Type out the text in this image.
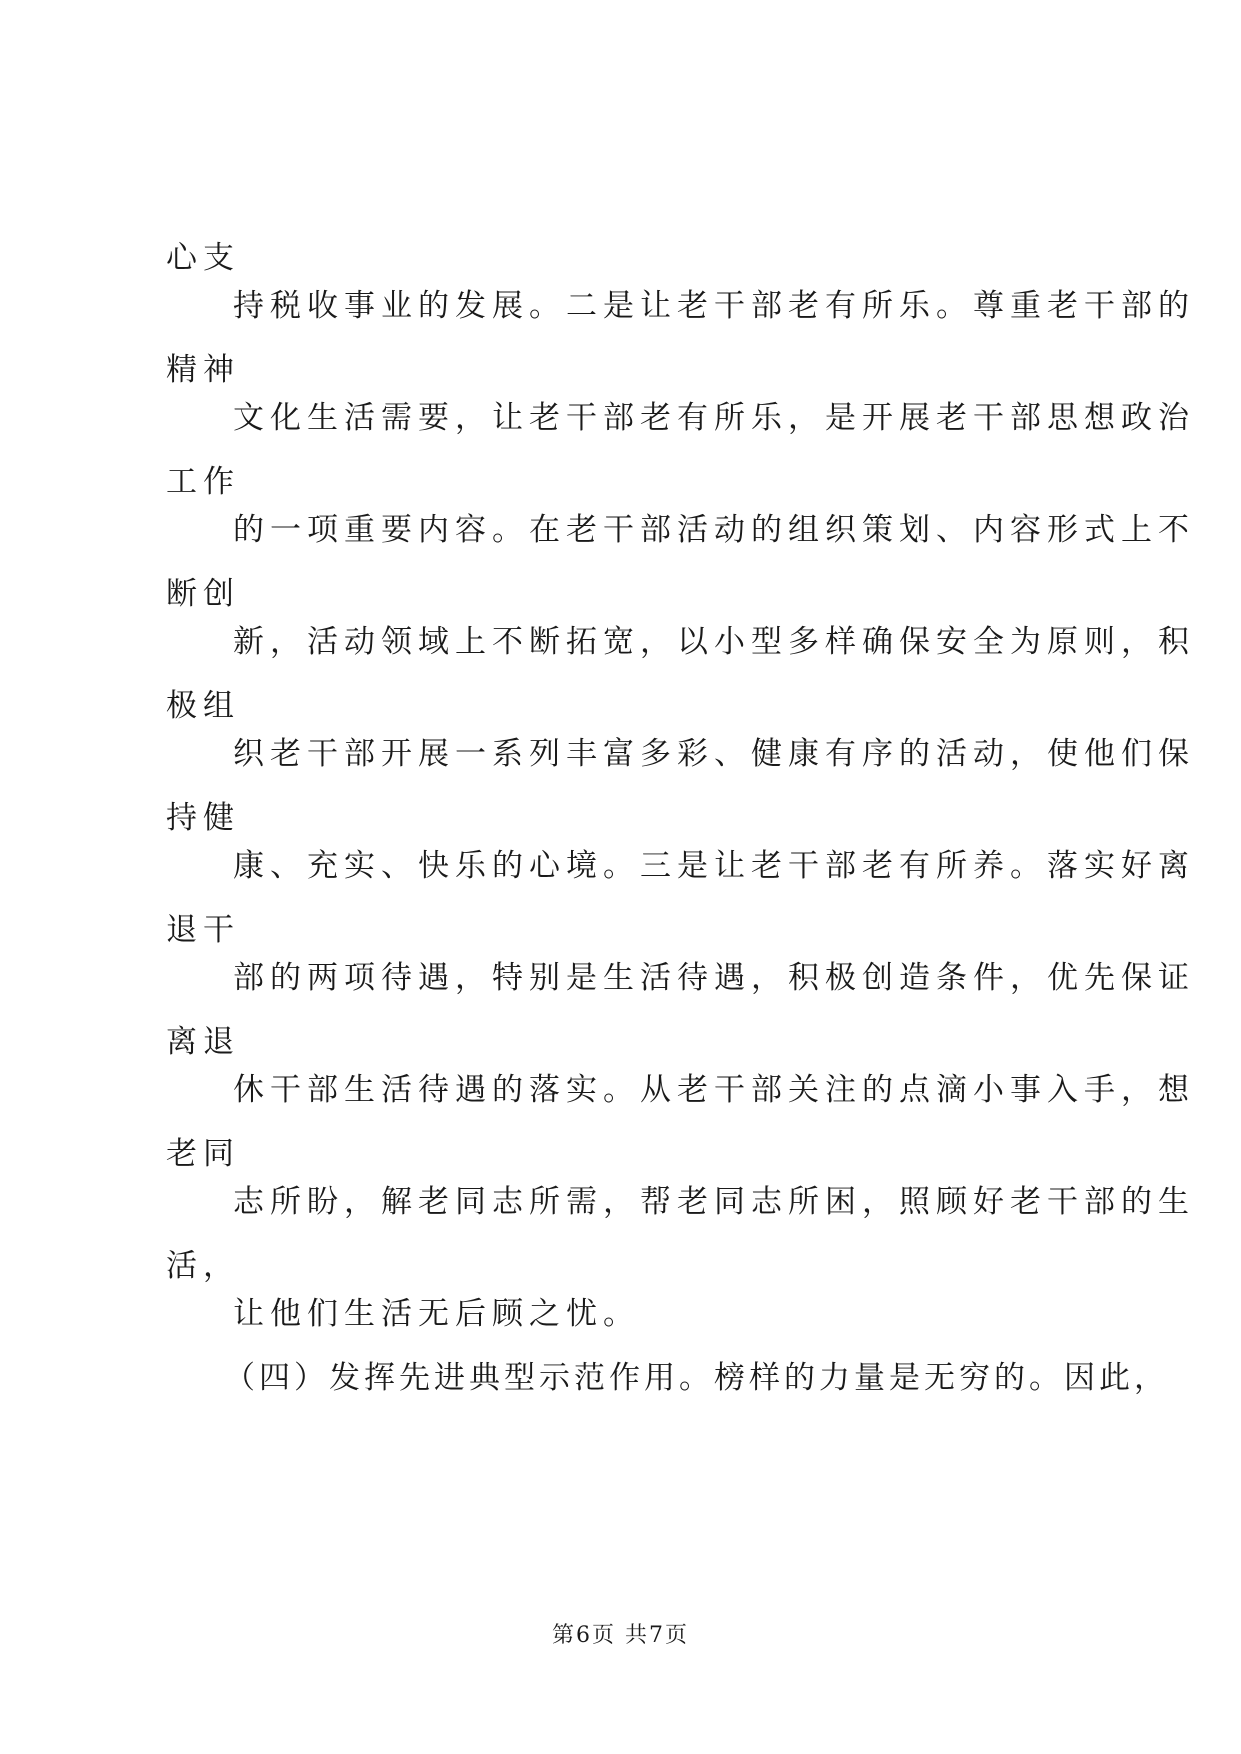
心支
持税收事业的发展。二是让老干部老有所乐。尊重老干部的
精神
文化生活需要，让老干部老有所乐，是开展老干部思想政治
工作
的一项重要内容。在老干部活动的组织策划、内容形式上不
断创
新，活动领域上不断拓宽，以小型多样确保安全为原则，积
极组
织老干部开展一系列丰富多彩、健康有序的活动，使他们保
持健
康、充实、快乐的心境。三是让老干部老有所养。落实好离
退干
部的两项待遇，特别是生活待遇，积极创造条件，优先保证
离退
休干部生活待遇的落实。从老干部关注的点滴小事入手，想
老同
志所盼，解老同志所需，帮老同志所困，照顾好老干部的生
活，
让他们生活无后顾之忧。
（四）发挥先进典型示范作用。榜样的力量是无穷的。因此，
第6页 共7页
